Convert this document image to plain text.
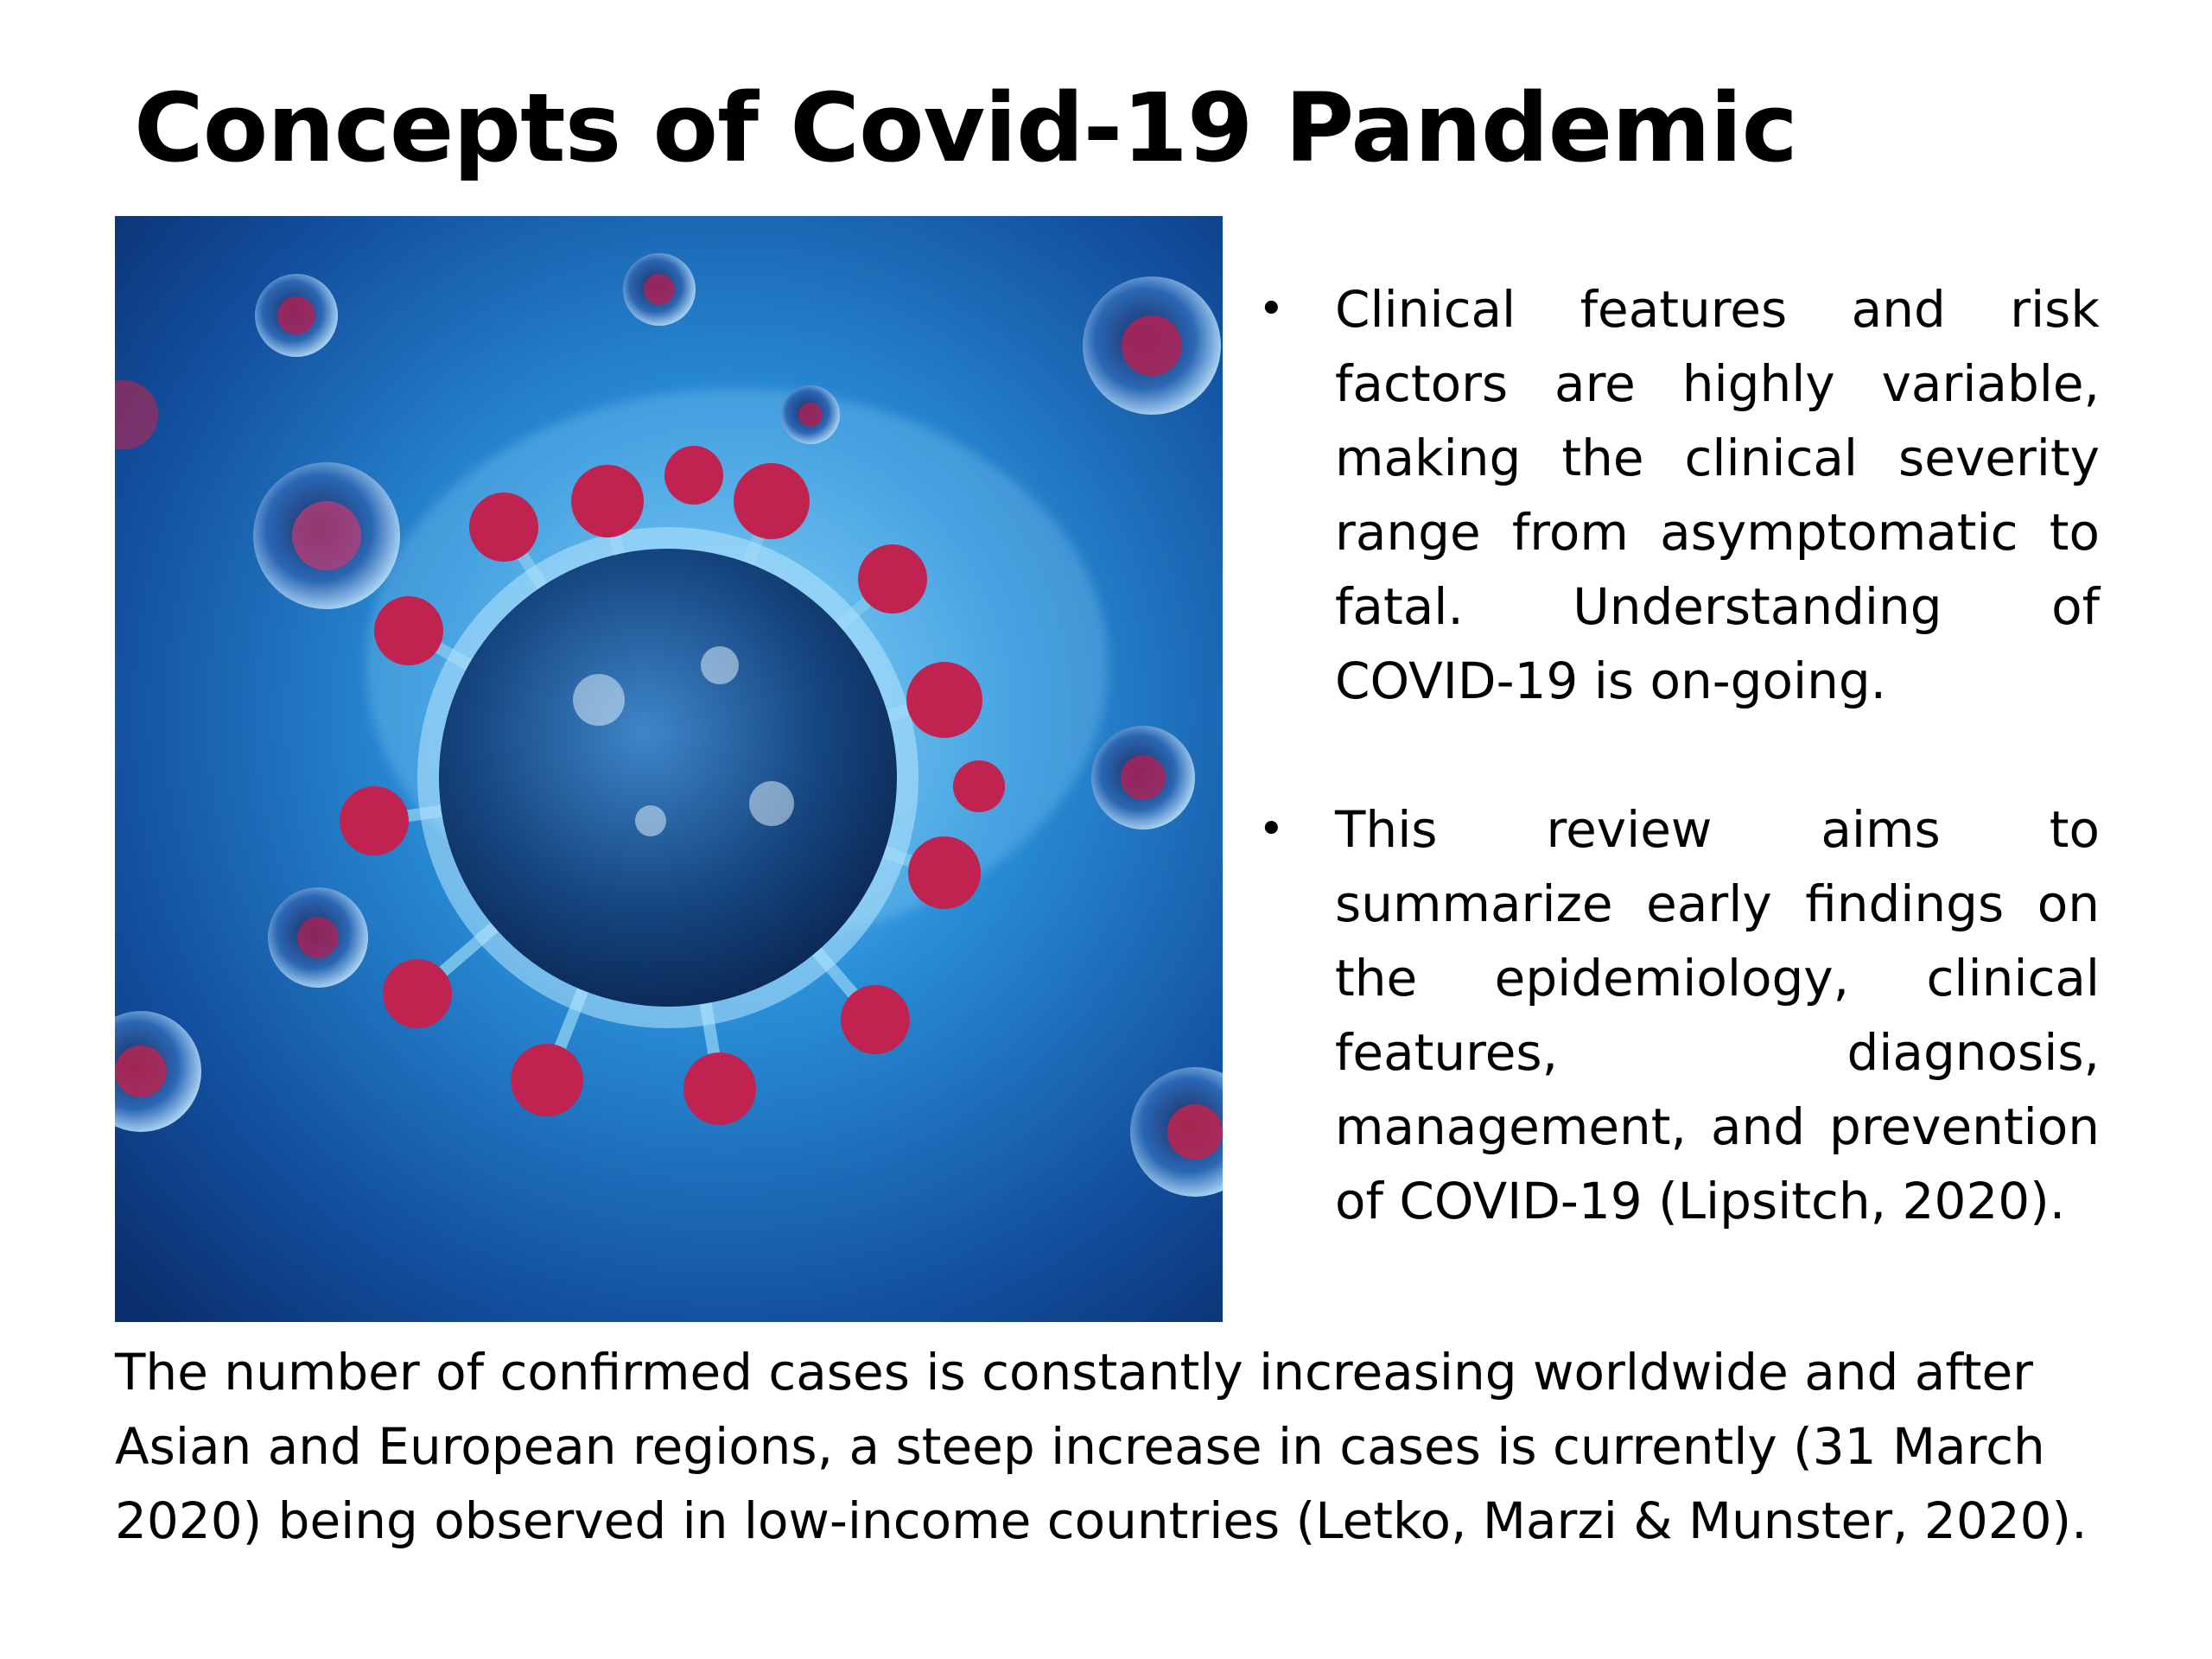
Concepts of Covid-19 Pandemic
• Clinical features and risk factors are highly variable, making the clinical severity range from asymptomatic to fatal. Understanding of COVID-19 is on-going.
• This review aims to summarize early findings on the epidemiology, clinical features, diagnosis, management, and prevention of COVID-19 (Lipsitch, 2020).

The number of confirmed cases is constantly increasing worldwide and after Asian and European regions, a steep increase in cases is currently (31 March 2020) being observed in low-income countries (Letko, Marzi & Munster, 2020).
